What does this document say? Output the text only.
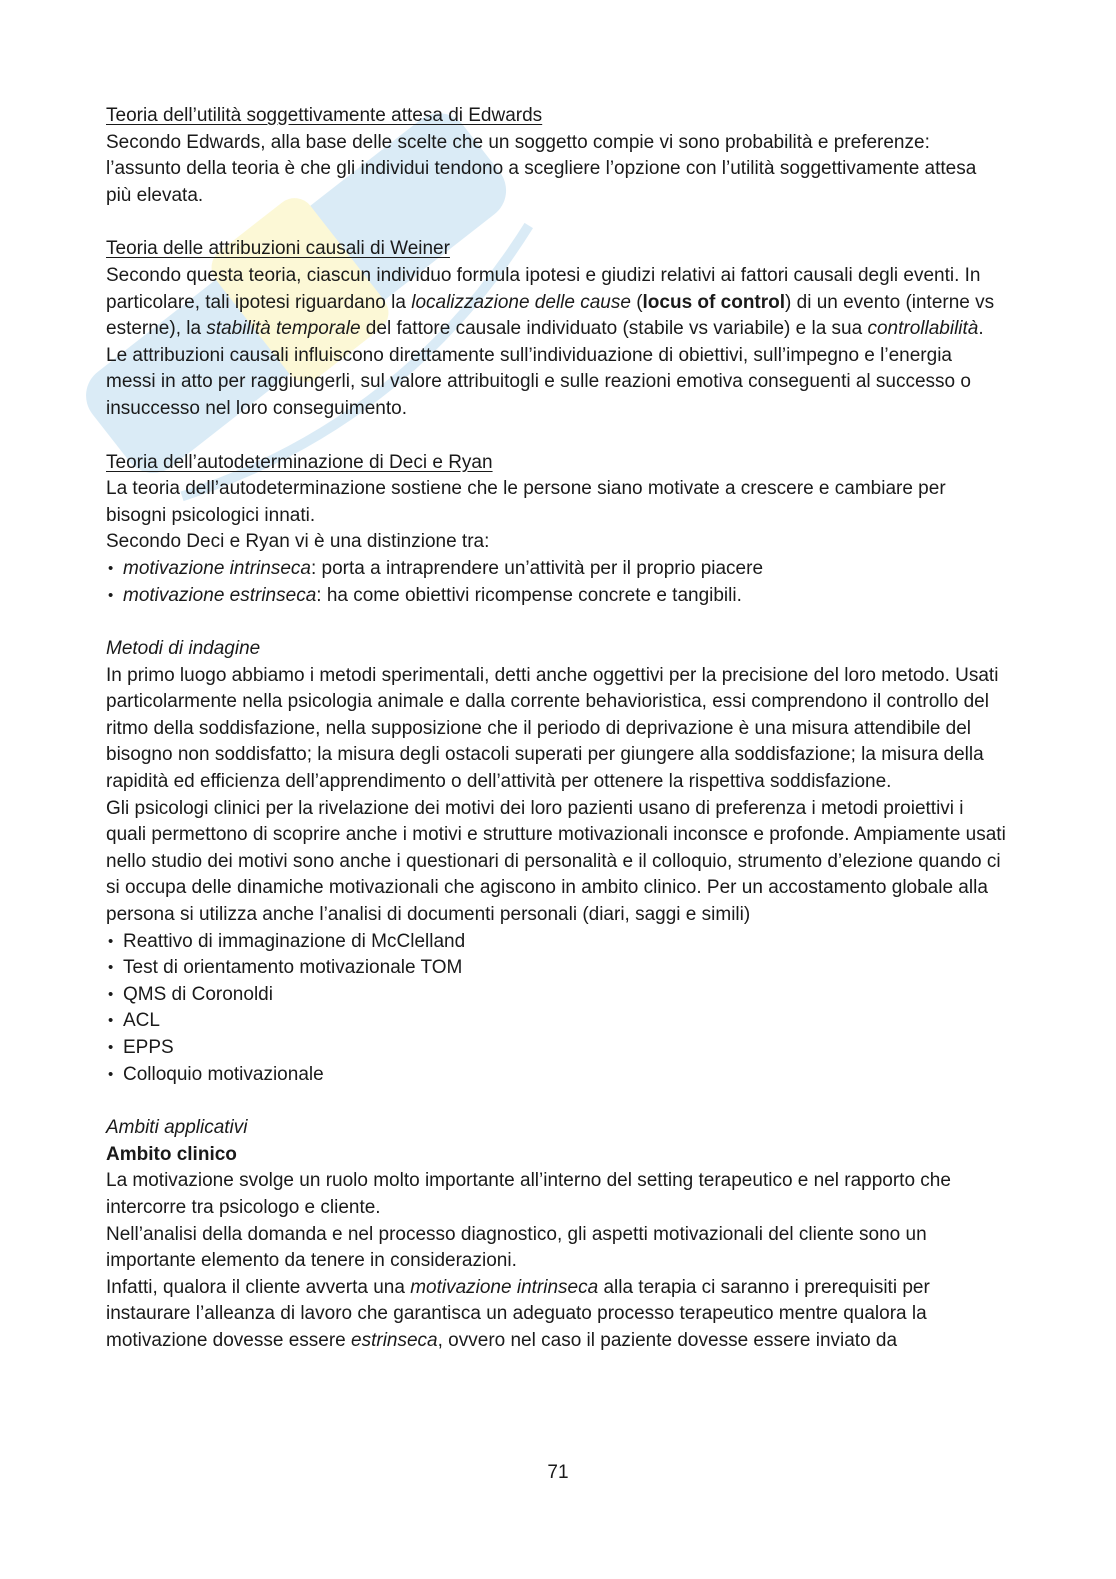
Teoria dell’utilità soggettivamente attesa di Edwards

Secondo Edwards, alla base delle scelte che un soggetto compie vi sono probabilità e preferenze: l’assunto della teoria è che gli individui tendono a scegliere l’opzione con l’utilità soggettivamente attesa più elevata.

Teoria delle attribuzioni causali di Weiner

Secondo questa teoria, ciascun individuo formula ipotesi e giudizi relativi ai fattori causali degli eventi. In particolare, tali ipotesi riguardano la localizzazione delle cause (locus of control) di un evento (interne vs esterne), la stabilità temporale del fattore causale individuato (stabile vs variabile) e la sua controllabilità.

Le attribuzioni causali influiscono direttamente sull’individuazione di obiettivi, sull’impegno e l’energia messi in atto per raggiungerli, sul valore attribuitogli e sulle reazioni emotiva conseguenti al successo o insuccesso nel loro conseguimento.

Teoria dell’autodeterminazione di Deci e Ryan

La teoria dell’autodeterminazione sostiene che le persone siano motivate a crescere e cambiare per bisogni psicologici innati.

Secondo Deci e Ryan vi è una distinzione tra:

• motivazione intrinseca: porta a intraprendere un’attività per il proprio piacere
• motivazione estrinseca: ha come obiettivi ricompense concrete e tangibili.

Metodi di indagine

In primo luogo abbiamo i metodi sperimentali, detti anche oggettivi per la precisione del loro metodo. Usati particolarmente nella psicologia animale e dalla corrente behavioristica, essi comprendono il controllo del ritmo della soddisfazione, nella supposizione che il periodo di deprivazione è una misura attendibile del bisogno non soddisfatto; la misura degli ostacoli superati per giungere alla soddisfazione; la misura della rapidità ed efficienza dell’apprendimento o dell’attività per ottenere la rispettiva soddisfazione.

Gli psicologi clinici per la rivelazione dei motivi dei loro pazienti usano di preferenza i metodi proiettivi i quali permettono di scoprire anche i motivi e strutture motivazionali inconsce e profonde. Ampiamente usati nello studio dei motivi sono anche i questionari di personalità e il colloquio, strumento d’elezione quando ci si occupa delle dinamiche motivazionali che agiscono in ambito clinico. Per un accostamento globale alla persona si utilizza anche l’analisi di documenti personali (diari, saggi e simili)

• Reattivo di immaginazione di McClelland
• Test di orientamento motivazionale TOM
• QMS di Coronoldi
• ACL
• EPPS
• Colloquio motivazionale

Ambiti applicativi

Ambito clinico

La motivazione svolge un ruolo molto importante all’interno del setting terapeutico e nel rapporto che intercorre tra psicologo e cliente.

Nell’analisi della domanda e nel processo diagnostico, gli aspetti motivazionali del cliente sono un importante elemento da tenere in considerazioni.

Infatti, qualora il cliente avverta una motivazione intrinseca alla terapia ci saranno i prerequisiti per instaurare l’alleanza di lavoro che garantisca un adeguato processo terapeutico mentre qualora la motivazione dovesse essere estrinseca, ovvero nel caso il paziente dovesse essere inviato da

71
